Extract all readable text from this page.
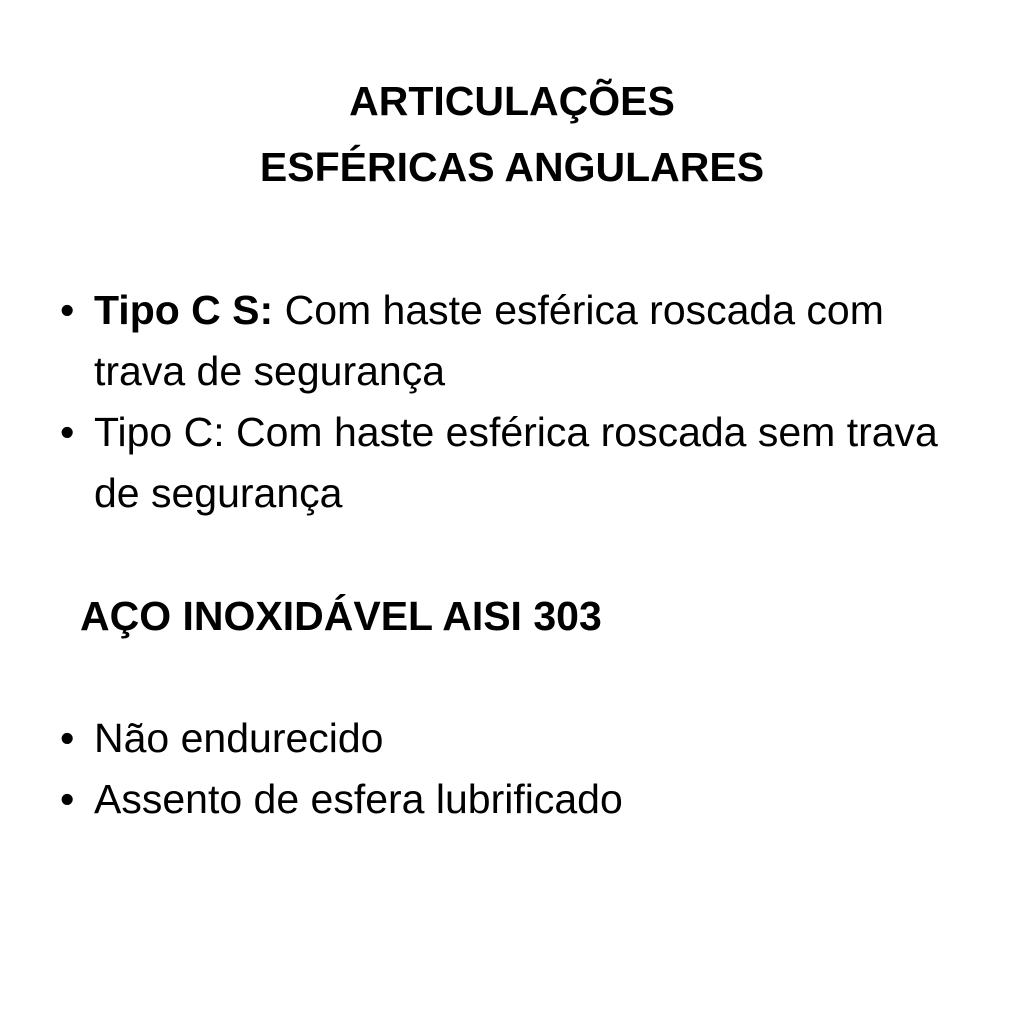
ARTICULAÇÕES
ESFÉRICAS ANGULARES
• Tipo C S: Com haste esférica roscada com trava de segurança
• Tipo C: Com haste esférica roscada sem trava de segurança
AÇO INOXIDÁVEL AISI 303
• Não endurecido
• Assento de esfera lubrificado
